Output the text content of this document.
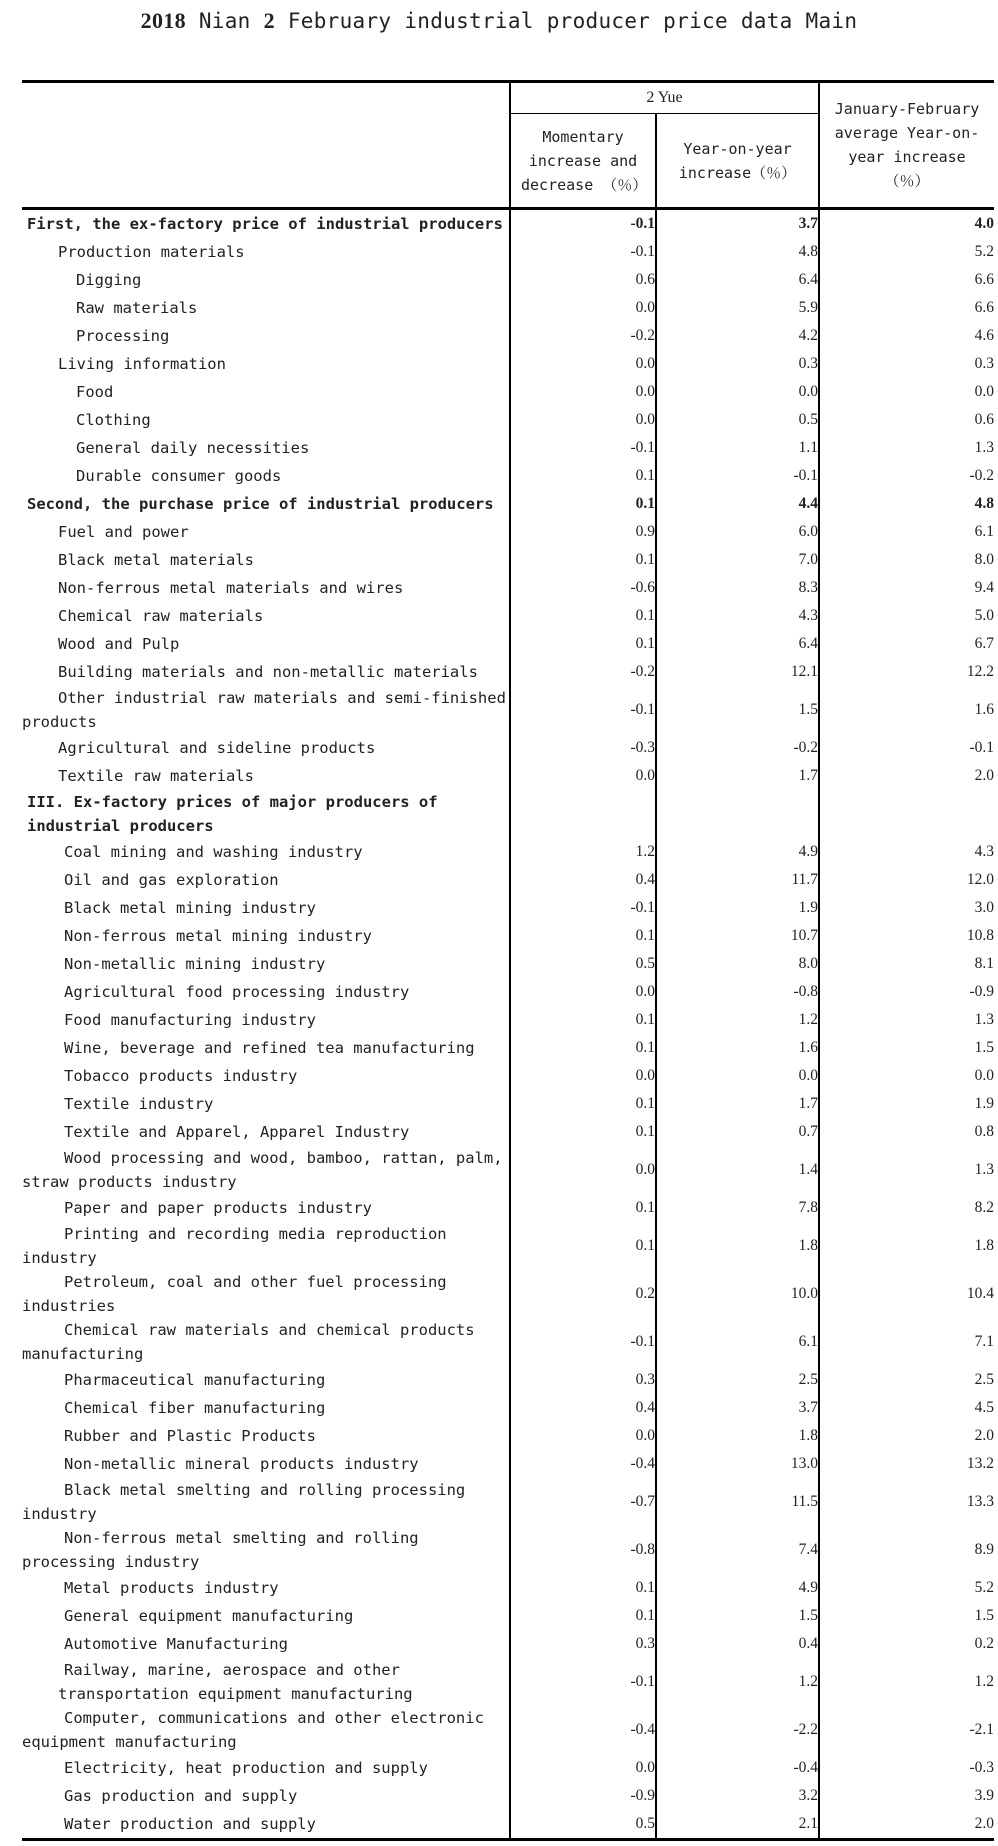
2018 Nian 2 February industrial producer price data Main
	2 Yue		January-February average Year-on-year increase（％）
	Momentary increase and decrease （％）	Year-on-year increase（％）	
First, the ex-factory price of industrial producers	-0.1	3.7	4.0
Production materials	-0.1	4.8	5.2
Digging	0.6	6.4	6.6
Raw materials	0.0	5.9	6.6
Processing	-0.2	4.2	4.6
Living information	0.0	0.3	0.3
Food	0.0	0.0	0.0
Clothing	0.0	0.5	0.6
General daily necessities	-0.1	1.1	1.3
Durable consumer goods	0.1	-0.1	-0.2
Second, the purchase price of industrial producers	0.1	4.4	4.8
Fuel and power	0.9	6.0	6.1
Black metal materials	0.1	7.0	8.0
Non-ferrous metal materials and wires	-0.6	8.3	9.4
Chemical raw materials	0.1	4.3	5.0
Wood and Pulp	0.1	6.4	6.7
Building materials and non-metallic materials	-0.2	12.1	12.2
Other industrial raw materials and semi-finished products	-0.1	1.5	1.6
Agricultural and sideline products	-0.3	-0.2	-0.1
Textile raw materials	0.0	1.7	2.0
III. Ex-factory prices of major producers of industrial producers			
Coal mining and washing industry	1.2	4.9	4.3
Oil and gas exploration	0.4	11.7	12.0
Black metal mining industry	-0.1	1.9	3.0
Non-ferrous metal mining industry	0.1	10.7	10.8
Non-metallic mining industry	0.5	8.0	8.1
Agricultural food processing industry	0.0	-0.8	-0.9
Food manufacturing industry	0.1	1.2	1.3
Wine, beverage and refined tea manufacturing	0.1	1.6	1.5
Tobacco products industry	0.0	0.0	0.0
Textile industry	0.1	1.7	1.9
Textile and Apparel, Apparel Industry	0.1	0.7	0.8
Wood processing and wood, bamboo, rattan, palm, straw products industry	0.0	1.4	1.3
Paper and paper products industry	0.1	7.8	8.2
Printing and recording media reproduction industry	0.1	1.8	1.8
Petroleum, coal and other fuel processing industries	0.2	10.0	10.4
Chemical raw materials and chemical products manufacturing	-0.1	6.1	7.1
Pharmaceutical manufacturing	0.3	2.5	2.5
Chemical fiber manufacturing	0.4	3.7	4.5
Rubber and Plastic Products	0.0	1.8	2.0
Non-metallic mineral products industry	-0.4	13.0	13.2
Black metal smelting and rolling processing industry	-0.7	11.5	13.3
Non-ferrous metal smelting and rolling processing industry	-0.8	7.4	8.9
Metal products industry	0.1	4.9	5.2
General equipment manufacturing	0.1	1.5	1.5
Automotive Manufacturing	0.3	0.4	0.2
Railway, marine, aerospace and other transportation equipment manufacturing	-0.1	1.2	1.2
Computer, communications and other electronic equipment manufacturing	-0.4	-2.2	-2.1
Electricity, heat production and supply	0.0	-0.4	-0.3
Gas production and supply	-0.9	3.2	3.9
Water production and supply	0.5	2.1	2.0
